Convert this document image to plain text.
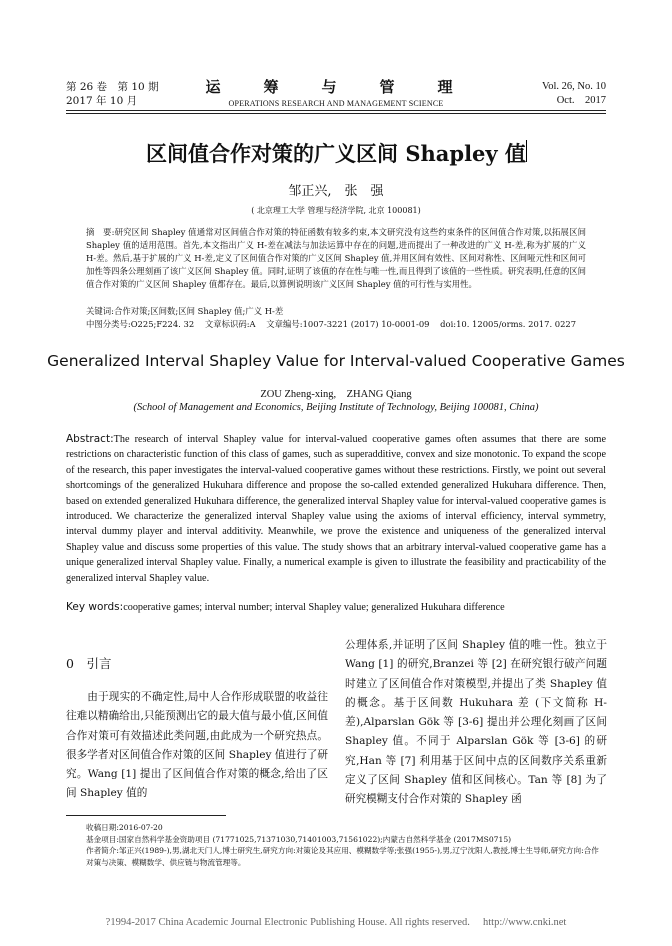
第 26 卷　第 10 期
2017 年 10 月
运　筹　与　管　理
OPERATIONS RESEARCH AND MANAGEMENT SCIENCE
Vol. 26, No. 10
Oct.　2017
区间值合作对策的广义区间 Shapley 值
邹正兴,　张　强
( 北京理工大学 管理与经济学院, 北京 100081)
摘　要:研究区间 Shapley 值通常对区间值合作对策的特征函数有较多约束,本文研究没有这些约束条件的区间值合作对策,以拓展区间 Shapley 值的适用范围。首先,本文指出广义 H-差在减法与加法运算中存在的问题,进而提出了一种改进的广义 H-差,称为扩展的广义 H-差。然后,基于扩展的广义 H-差,定义了区间值合作对策的广义区间 Shapley 值,并用区间有效性、区间对称性、区间哑元性和区间可加性等四条公理刻画了该广义区间 Shapley 值。同时,证明了该值的存在性与唯一性,而且得到了该值的一些性质。研究表明,任意的区间值合作对策的广义区间 Shapley 值都存在。最后,以算例说明该广义区间 Shapley 值的可行性与实用性。
关键词:合作对策;区间数;区间 Shapley 值;广义 H-差
中图分类号:O225;F224. 32 文章标识码:A 文章编号:1007-3221 (2017) 10-0001-09 doi:10. 12005/orms. 2017. 0227
Generalized Interval Shapley Value for Interval-valued Cooperative Games
ZOU Zheng-xing,　ZHANG Qiang
(School of Management and Economics, Beijing Institute of Technology, Beijing 100081, China)
Abstract:The research of interval Shapley value for interval-valued cooperative games often assumes that there are some restrictions on characteristic function of this class of games, such as superadditive, convex and size monotonic. To expand the scope of the research, this paper investigates the interval-valued cooperative games without these restrictions. Firstly, we point out several shortcomings of the generalized Hukuhara difference and propose the so-called extended generalized Hukuhara difference. Then, based on extended generalized Hukuhara difference, the generalized interval Shapley value for interval-valued cooperative games is introduced. We characterize the generalized interval Shapley value using the axioms of interval efficiency, interval symmetry, interval dummy player and interval additivity. Meanwhile, we prove the existence and uniqueness of the generalized interval Shapley value and discuss some properties of this value. The study shows that an arbitrary interval-valued cooperative game has a unique generalized interval Shapley value. Finally, a numerical example is given to illustrate the feasibility and practicability of the generalized interval Shapley value.
Key words:cooperative games; interval number; interval Shapley value; generalized Hukuhara difference
0　引言
由于现实的不确定性,局中人合作形成联盟的收益往往难以精确给出,只能预测出它的最大值与最小值,区间值合作对策可有效描述此类问题,由此成为一个研究热点。很多学者对区间值合作对策的区间 Shapley 值进行了研究。Wang [1] 提出了区间值合作对策的概念,给出了区间 Shapley 值的
公理体系,并证明了区间 Shapley 值的唯一性。独立于 Wang [1] 的研究,Branzei 等 [2] 在研究银行破产问题时建立了区间值合作对策模型,并提出了类 Shapley 值的概念。基于区间数 Hukuhara 差 (下文简称 H-差),Alparslan Gök 等 [3-6] 提出并公理化刻画了区间 Shapley 值。不同于 Alparslan Gök 等 [3-6] 的研究,Han 等 [7] 利用基于区间中点的区间数序关系重新定义了区间 Shapley 值和区间核心。Tan 等 [8] 为了研究模糊支付合作对策的 Shapley 函
收稿日期:2016-07-20
基金项目:国家自然科学基金资助项目 (71771025,71371030,71401003,71561022);内蒙古自然科学基金 (2017MS0715)
作者简介:邹正兴(1989-),男,湖北天门人,博士研究生,研究方向:对策论及其应用、模糊数学等;张强(1955-),男,辽宁沈阳人,教授,博士生导师,研究方向:合作对策与决策、模糊数学、供应链与物流管理等。
?1994-2017 China Academic Journal Electronic Publishing House. All rights reserved.　 http://www.cnki.net
